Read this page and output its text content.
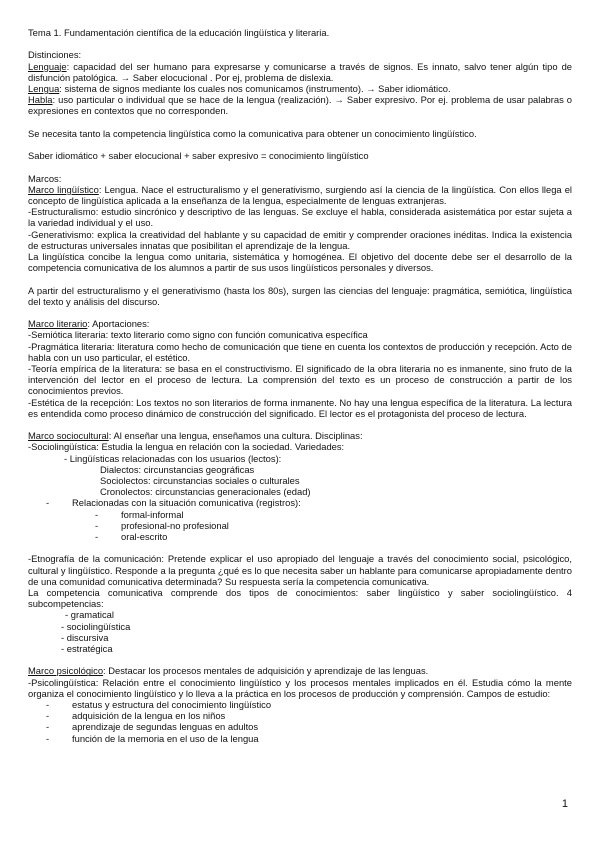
Tema 1. Fundamentación científica de la educación lingüística y literaria.

Distinciones:

Lenguaje: capacidad del ser humano para expresarse y comunicarse a través de signos. Es innato, salvo tener algún tipo de disfunción patológica. → Saber elocucional . Por ej, problema de dislexia.

Lengua: sistema de signos mediante los cuales nos comunicamos (instrumento). → Saber idiomático.

Habla: uso particular o individual que se hace de la lengua (realización). → Saber expresivo. Por ej. problema de usar palabras o expresiones en contextos que no corresponden.

Se necesita tanto la competencia lingüística como la comunicativa para obtener un conocimiento lingüístico.

Saber idiomático + saber elocucional + saber expresivo = conocimiento lingüístico

Marcos:

Marco lingüístico: Lengua. Nace el estructuralismo y el generativismo, surgiendo así la ciencia de la lingüística. Con ellos llega el concepto de lingüística aplicada a la enseñanza de la lengua, especialmente de lenguas extranjeras.

-Estructuralismo: estudio sincrónico y descriptivo de las lenguas. Se excluye el habla, considerada asistemática por estar sujeta a la variedad individual y el uso.

-Generativismo: explica la creatividad del hablante y su capacidad de emitir y comprender oraciones inéditas. Indica la existencia de estructuras universales innatas que posibilitan el aprendizaje de la lengua.

La lingüística concibe la lengua como unitaria, sistemática y homogénea. El objetivo del docente debe ser el desarrollo de la competencia comunicativa de los alumnos a partir de sus usos lingüísticos personales y diversos.

A partir del estructuralismo y el generativismo (hasta los 80s), surgen las ciencias del lenguaje: pragmática, semiótica, lingüística del texto y análisis del discurso.

Marco literario: Aportaciones:

-Semiótica literaria: texto literario como signo con función comunicativa específica

-Pragmática literaria: literatura como hecho de comunicación que tiene en cuenta los contextos de producción y recepción. Acto de habla con un uso particular, el estético.

-Teoría empírica de la literatura: se basa en el constructivismo. El significado de la obra literaria no es inmanente, sino fruto de la intervención del lector en el proceso de lectura. La comprensión del texto es un proceso de construcción a partir de los conocimientos previos.

-Estética de la recepción: Los textos no son literarios de forma inmanente. No hay una lengua específica de la literatura. La lectura es entendida como proceso dinámico de construcción del significado. El lector es el protagonista del proceso de lectura.

Marco sociocultural: Al enseñar una lengua, enseñamos una cultura. Disciplinas:

-Sociolingüística: Estudia la lengua en relación con la sociedad. Variedades:

- Lingüísticas relacionadas con los usuarios (lectos):

Dialectos: circunstancias geográficas

Sociolectos: circunstancias sociales o culturales

Cronolectos: circunstancias generacionales (edad)

-	Relacionadas con la situación comunicativa (registros):
-	formal-informal
-	profesional-no profesional
-	oral-escrito

-Etnografía de la comunicación: Pretende explicar el uso apropiado del lenguaje a través del conocimiento social, psicológico, cultural y lingüístico. Responde a la pregunta ¿qué es lo que necesita saber un hablante para comunicarse apropiadamente dentro de una comunidad comunicativa determinada? Su respuesta sería la competencia comunicativa.

La competencia comunicativa comprende dos tipos de conocimientos: saber lingüístico y saber sociolingüístico. 4 subcompetencias:

- gramatical

- sociolingüística

- discursiva

- estratégica

Marco psicológico: Destacar los procesos mentales de adquisición y aprendizaje de las lenguas.

-Psicolingüística: Relación entre el conocimiento lingüístico y los procesos mentales implicados en él. Estudia cómo la mente organiza el conocimiento lingüístico y lo lleva a la práctica en los procesos de producción y comprensión. Campos de estudio:

-	estatus y estructura del conocimiento lingüístico
-	adquisición de la lengua en los niños
-	aprendizaje de segundas lenguas en adultos
-	función de la memoria en el uso de la lengua
1
